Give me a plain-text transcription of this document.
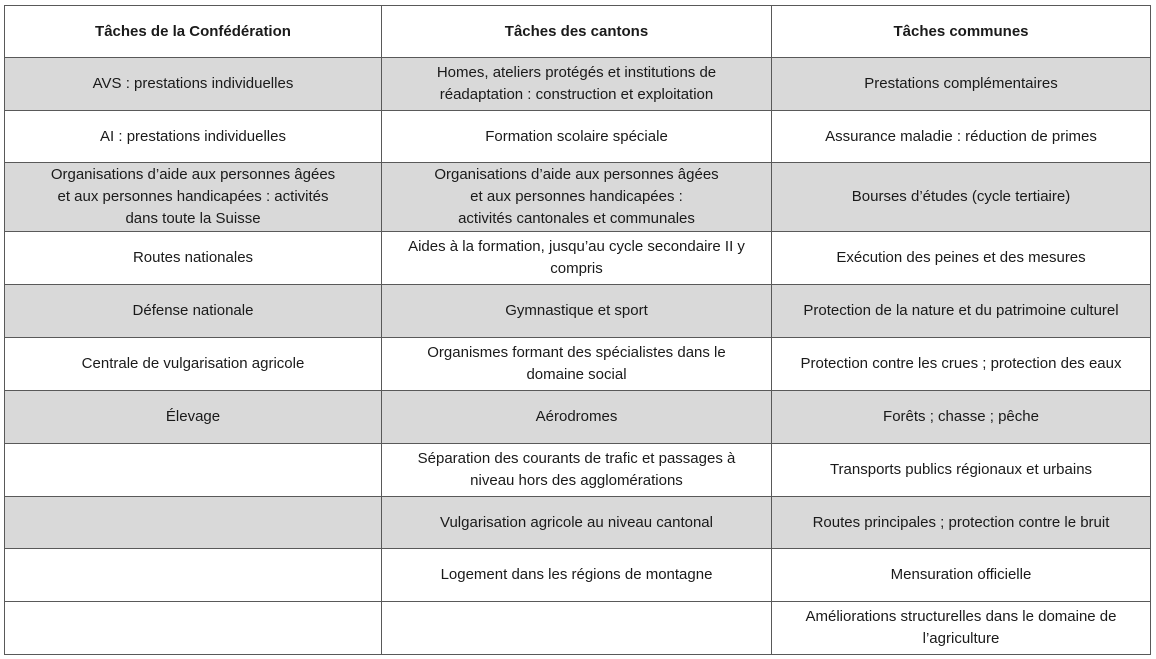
Tâches de la Confédération	Tâches des cantons	Tâches communes
AVS : prestations individuelles	Homes, ateliers protégés et institutions de
réadaptation : construction et exploitation	Prestations complémentaires
AI : prestations individuelles	Formation scolaire spéciale	Assurance maladie : réduction de primes
Organisations d’aide aux personnes âgées
et aux personnes handicapées : activités
dans toute la Suisse	Organisations d’aide aux personnes âgées
et aux personnes handicapées :
activités cantonales et communales	Bourses d’études (cycle tertiaire)
Routes nationales	Aides à la formation, jusqu’au cycle secondaire II y
compris	Exécution des peines et des mesures
Défense nationale	Gymnastique et sport	Protection de la nature et du patrimoine culturel
Centrale de vulgarisation agricole	Organismes formant des spécialistes dans le
domaine social	Protection contre les crues ; protection des eaux
Élevage	Aérodromes	Forêts ; chasse ; pêche
	Séparation des courants de trafic et passages à
niveau hors des agglomérations	Transports publics régionaux et urbains
	Vulgarisation agricole au niveau cantonal	Routes principales ; protection contre le bruit
	Logement dans les régions de montagne	Mensuration officielle
		Améliorations structurelles dans le domaine de
l’agriculture
